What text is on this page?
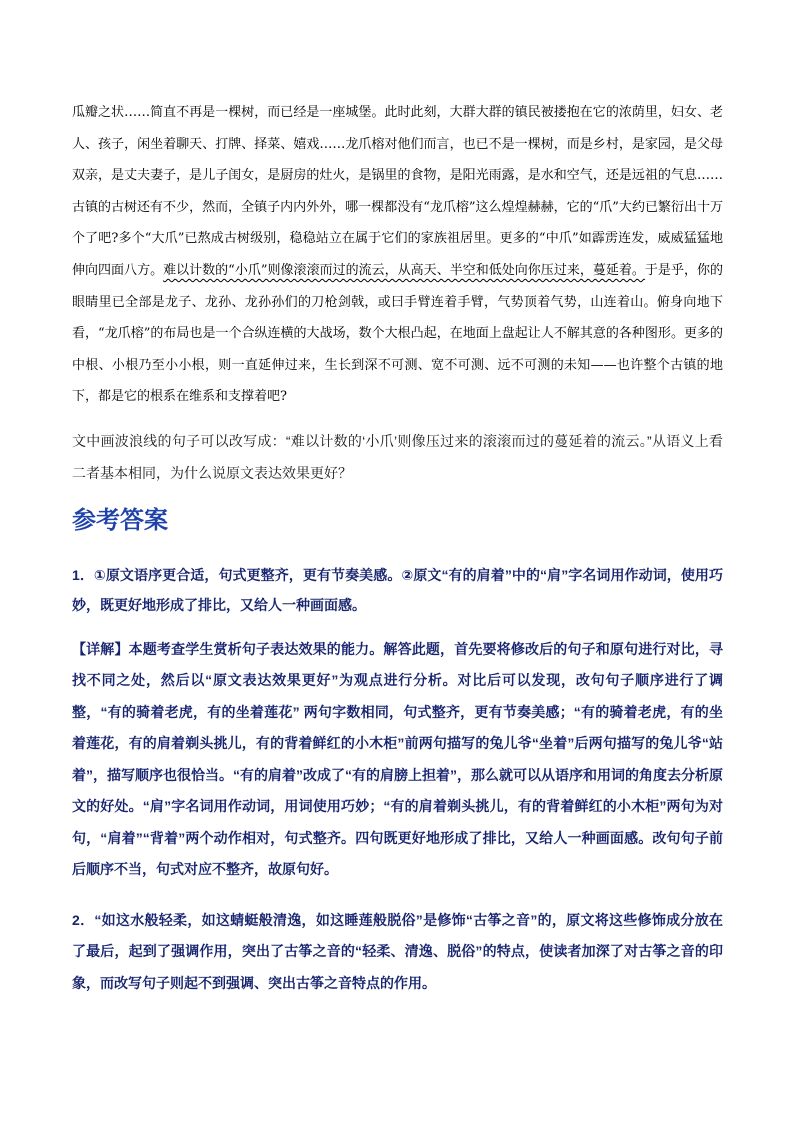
瓜瓣之状……简直不再是一棵树，而已经是一座城堡。此时此刻，大群大群的镇民被搂抱在它的浓荫里，妇女、老人、孩子，闲坐着聊天、打牌、择菜、嬉戏……龙爪榕对他们而言，也已不是一棵树，而是乡村，是家园，是父母双亲，是丈夫妻子，是儿子闺女，是厨房的灶火，是锅里的食物，是阳光雨露，是水和空气，还是远祖的气息……古镇的古树还有不少，然而，全镇子内内外外，哪一棵都没有“龙爪榕”这么煌煌赫赫，它的“爪”大约已繁衍出十万个了吧?多个“大爪”已熬成古树级别，稳稳站立在属于它们的家族祖居里。更多的“中爪”如霹雳连发，威威猛猛地伸向四面八方。难以计数的“小爪”则像滚滚而过的流云，从高天、半空和低处向你压过来，蔓延着。于是乎，你的眼睛里已全部是龙子、龙孙、龙孙孙们的刀枪剑戟，或曰手臂连着手臂，气势顶着气势，山连着山。俯身向地下看，“龙爪榕”的布局也是一个合纵连横的大战场，数个大根凸起，在地面上盘起让人不解其意的各种图形。更多的中根、小根乃至小小根，则一直延伸过来，生长到深不可测、宽不可测、远不可测的未知——也许整个古镇的地下，都是它的根系在维系和支撑着吧?

文中画波浪线的句子可以改写成：“难以计数的‘小爪’则像压过来的滚滚而过的蔓延着的流云。”从语义上看二者基本相同，为什么说原文表达效果更好？

参考答案

1．①原文语序更合适，句式更整齐，更有节奏美感。②原文“有的肩着”中的“肩”字名词用作动词，使用巧妙，既更好地形成了排比，又给人一种画面感。

【详解】本题考查学生赏析句子表达效果的能力。解答此题，首先要将修改后的句子和原句进行对比，寻找不同之处，然后以“原文表达效果更好”为观点进行分析。对比后可以发现，改句句子顺序进行了调整，“有的骑着老虎，有的坐着莲花” 两句字数相同，句式整齐，更有节奏美感；“有的骑着老虎，有的坐着莲花，有的肩着剃头挑儿，有的背着鲜红的小木柜”前两句描写的兔儿爷“坐着”后两句描写的兔儿爷“站着”，描写顺序也很恰当。“有的肩着”改成了“有的肩膀上担着”，那么就可以从语序和用词的角度去分析原文的好处。“肩”字名词用作动词，用词使用巧妙；“有的肩着剃头挑儿，有的背着鲜红的小木柜”两句为对句，“肩着”“背着”两个动作相对，句式整齐。四句既更好地形成了排比，又给人一种画面感。改句句子前后顺序不当，句式对应不整齐，故原句好。

2．“如这水般轻柔，如这蜻蜓般清逸，如这睡莲般脱俗”是修饰“古筝之音”的，原文将这些修饰成分放在了最后，起到了强调作用，突出了古筝之音的“轻柔、清逸、脱俗”的特点，使读者加深了对古筝之音的印象，而改写句子则起不到强调、突出古筝之音特点的作用。
